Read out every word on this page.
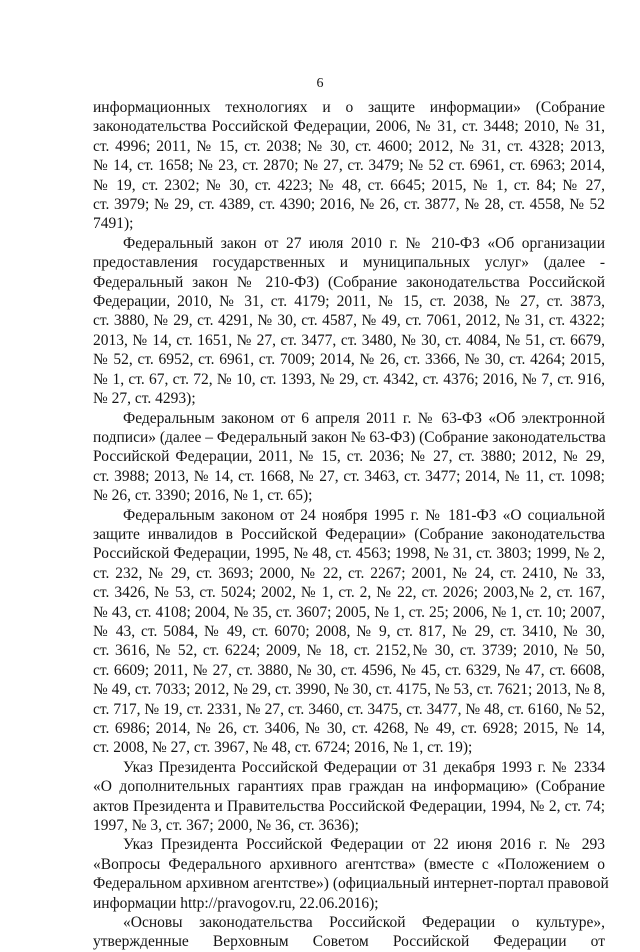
6

информационных технологиях и о защите информации» (Собрание
законодательства Российской Федерации, 2006, № 31, ст. 3448; 2010, № 31,
ст. 4996; 2011, № 15, ст. 2038; № 30, ст. 4600; 2012, № 31, ст. 4328; 2013,
№ 14, ст. 1658; № 23, ст. 2870; № 27, ст. 3479; № 52 ст. 6961, ст. 6963; 2014,
№ 19, ст. 2302; № 30, ст. 4223; № 48, ст. 6645; 2015, № 1, ст. 84; № 27,
ст. 3979; № 29, ст. 4389, ст. 4390; 2016, № 26, ст. 3877, № 28, ст. 4558, № 52
7491);

Федеральный закон от 27 июля 2010 г. № 210-ФЗ «Об организации
предоставления государственных и муниципальных услуг» (далее -
Федеральный закон № 210-ФЗ) (Собрание законодательства Российской
Федерации, 2010, № 31, ст. 4179; 2011, № 15, ст. 2038, № 27, ст. 3873,
ст. 3880, № 29, ст. 4291, № 30, ст. 4587, № 49, ст. 7061, 2012, № 31, ст. 4322;
2013, № 14, ст. 1651, № 27, ст. 3477, ст. 3480, № 30, ст. 4084, № 51, ст. 6679,
№ 52, ст. 6952, ст. 6961, ст. 7009; 2014, № 26, ст. 3366, № 30, ст. 4264; 2015,
№ 1, ст. 67, ст. 72, № 10, ст. 1393, № 29, ст. 4342, ст. 4376; 2016, № 7, ст. 916,
№ 27, ст. 4293);

Федеральным законом от 6 апреля 2011 г. № 63-ФЗ «Об электронной
подписи» (далее – Федеральный закон № 63-ФЗ) (Собрание законодательства
Российской Федерации, 2011, № 15, ст. 2036; № 27, ст. 3880; 2012, № 29,
ст. 3988; 2013, № 14, ст. 1668, № 27, ст. 3463, ст. 3477; 2014, № 11, ст. 1098;
№ 26, ст. 3390; 2016, № 1, ст. 65);

Федеральным законом от 24 ноября 1995 г. № 181-ФЗ «О социальной
защите инвалидов в Российской Федерации» (Собрание законодательства
Российской Федерации, 1995, № 48, ст. 4563; 1998, № 31, ст. 3803; 1999, № 2,
ст. 232, № 29, ст. 3693; 2000, № 22, ст. 2267; 2001, № 24, ст. 2410, № 33,
ст. 3426, № 53, ст. 5024; 2002, № 1, ст. 2, № 22, ст. 2026; 2003,№ 2, ст. 167,
№ 43, ст. 4108; 2004, № 35, ст. 3607; 2005, № 1, ст. 25; 2006, № 1, ст. 10; 2007,
№ 43, ст. 5084, № 49, ст. 6070; 2008, № 9, ст. 817, № 29, ст. 3410, № 30,
ст. 3616, № 52, ст. 6224; 2009, № 18, ст. 2152,№ 30, ст. 3739; 2010, № 50,
ст. 6609; 2011, № 27, ст. 3880, № 30, ст. 4596, № 45, ст. 6329, № 47, ст. 6608,
№ 49, ст. 7033; 2012, № 29, ст. 3990, № 30, ст. 4175, № 53, ст. 7621; 2013, № 8,
ст. 717, № 19, ст. 2331, № 27, ст. 3460, ст. 3475, ст. 3477, № 48, ст. 6160, № 52,
ст. 6986; 2014, № 26, ст. 3406, № 30, ст. 4268, № 49, ст. 6928; 2015, № 14,
ст. 2008, № 27, ст. 3967, № 48, ст. 6724; 2016, № 1, ст. 19);

Указ Президента Российской Федерации от 31 декабря 1993 г. № 2334
«О дополнительных гарантиях прав граждан на информацию» (Собрание
актов Президента и Правительства Российской Федерации, 1994, № 2, ст. 74;
1997, № 3, ст. 367; 2000, № 36, ст. 3636);

Указ Президента Российской Федерации от 22 июня 2016 г. № 293
«Вопросы Федерального архивного агентства» (вместе с «Положением о
Федеральном архивном агентстве») (официальный интернет-портал правовой
информации http://pravogov.ru, 22.06.2016);

«Основы законодательства Российской Федерации о культуре»,
утвержденные Верховным Советом Российской Федерации от
